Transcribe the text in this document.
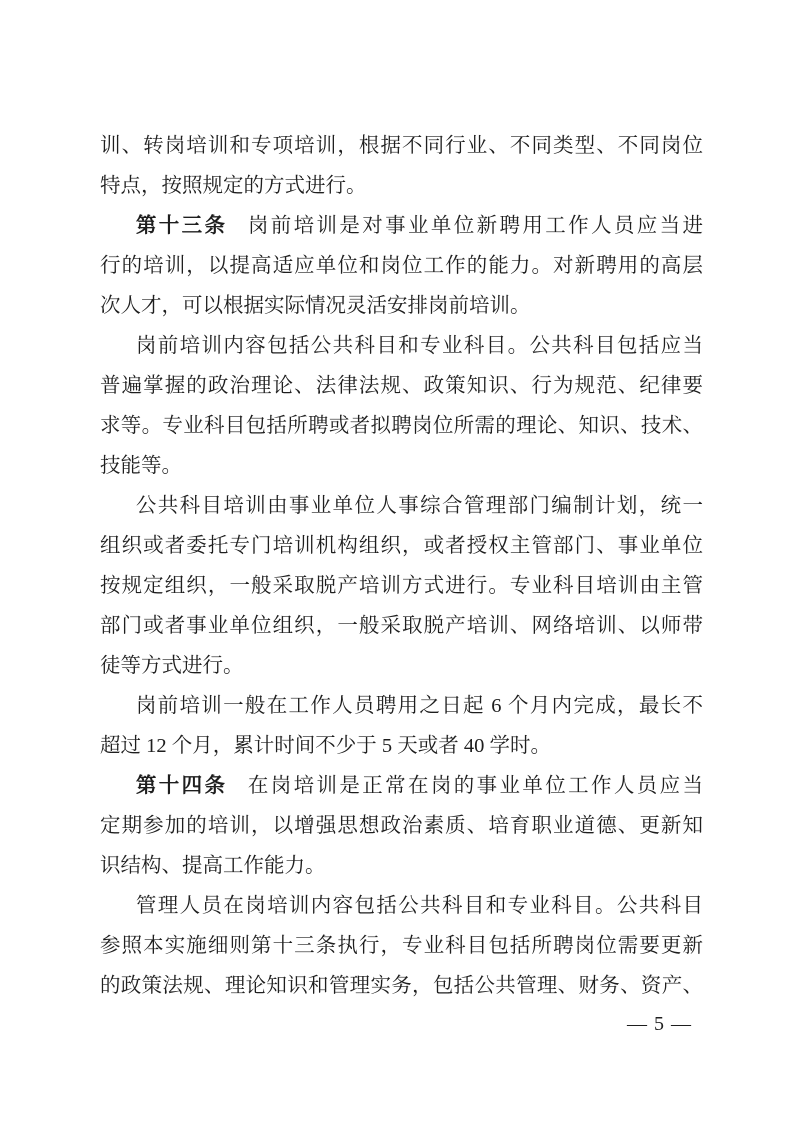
训、转岗培训和专项培训，根据不同行业、不同类型、不同岗位
特点，按照规定的方式进行。
第十三条 岗前培训是对事业单位新聘用工作人员应当进
行的培训，以提高适应单位和岗位工作的能力。对新聘用的高层
次人才，可以根据实际情况灵活安排岗前培训。
岗前培训内容包括公共科目和专业科目。公共科目包括应当
普遍掌握的政治理论、法律法规、政策知识、行为规范、纪律要
求等。专业科目包括所聘或者拟聘岗位所需的理论、知识、技术、
技能等。
公共科目培训由事业单位人事综合管理部门编制计划，统一
组织或者委托专门培训机构组织，或者授权主管部门、事业单位
按规定组织，一般采取脱产培训方式进行。专业科目培训由主管
部门或者事业单位组织，一般采取脱产培训、网络培训、以师带
徒等方式进行。
岗前培训一般在工作人员聘用之日起 6 个月内完成，最长不
超过 12 个月，累计时间不少于 5 天或者 40 学时。
第十四条 在岗培训是正常在岗的事业单位工作人员应当
定期参加的培训，以增强思想政治素质、培育职业道德、更新知
识结构、提高工作能力。
管理人员在岗培训内容包括公共科目和专业科目。公共科目
参照本实施细则第十三条执行，专业科目包括所聘岗位需要更新
的政策法规、理论知识和管理实务，包括公共管理、财务、资产、
— 5 —
